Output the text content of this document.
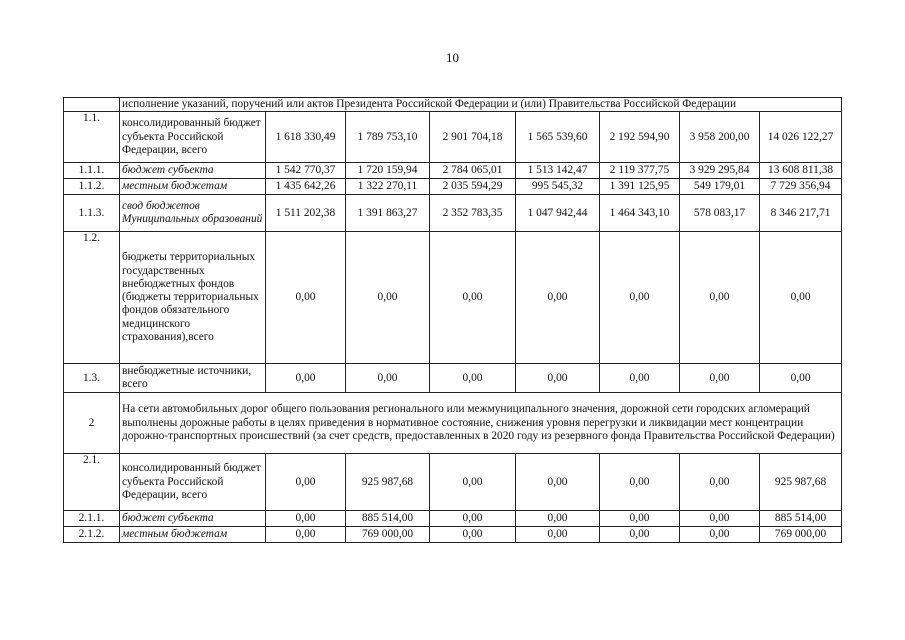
10
	исполнение указаний, поручений или актов Президента Российской Федерации и (или) Правительства Российской Федерации							
1.1.	консолидированный бюджет субъекта Российской Федерации, всего	1 618 330,49	1 789 753,10	2 901 704,18	1 565 539,60	2 192 594,90	3 958 200,00	14 026 122,27
1.1.1.	бюджет субъекта	1 542 770,37	1 720 159,94	2 784 065,01	1 513 142,47	2 119 377,75	3 929 295,84	13 608 811,38
1.1.2.	местным бюджетам	1 435 642,26	1 322 270,11	2 035 594,29	995 545,32	1 391 125,95	549 179,01	7 729 356,94
1.1.3.	свод бюджетов Муниципальных образований	1 511 202,38	1 391 863,27	2 352 783,35	1 047 942,44	1 464 343,10	578 083,17	8 346 217,71
1.2.	бюджеты территориальных государственных внебюджетных фондов (бюджеты территориальных фондов обязательного медицинского страхования),всего	0,00	0,00	0,00	0,00	0,00	0,00	0,00
1.3.	внебюджетные источники, всего	0,00	0,00	0,00	0,00	0,00	0,00	0,00
2	На сети автомобильных дорог общего пользования регионального или межмуниципального значения, дорожной сети городских агломераций выполнены дорожные работы в целях приведения в нормативное состояние, снижения уровня перегрузки и ликвидации мест концентрации дорожно-транспортных происшествий (за счет средств, предоставленных в 2020 году из резервного фонда Правительства Российской Федерации)							
2.1.	консолидированный бюджет субъекта Российской Федерации, всего	0,00	925 987,68	0,00	0,00	0,00	0,00	925 987,68
2.1.1.	бюджет субъекта	0,00	885 514,00	0,00	0,00	0,00	0,00	885 514,00
2.1.2.	местным бюджетам	0,00	769 000,00	0,00	0,00	0,00	0,00	769 000,00
